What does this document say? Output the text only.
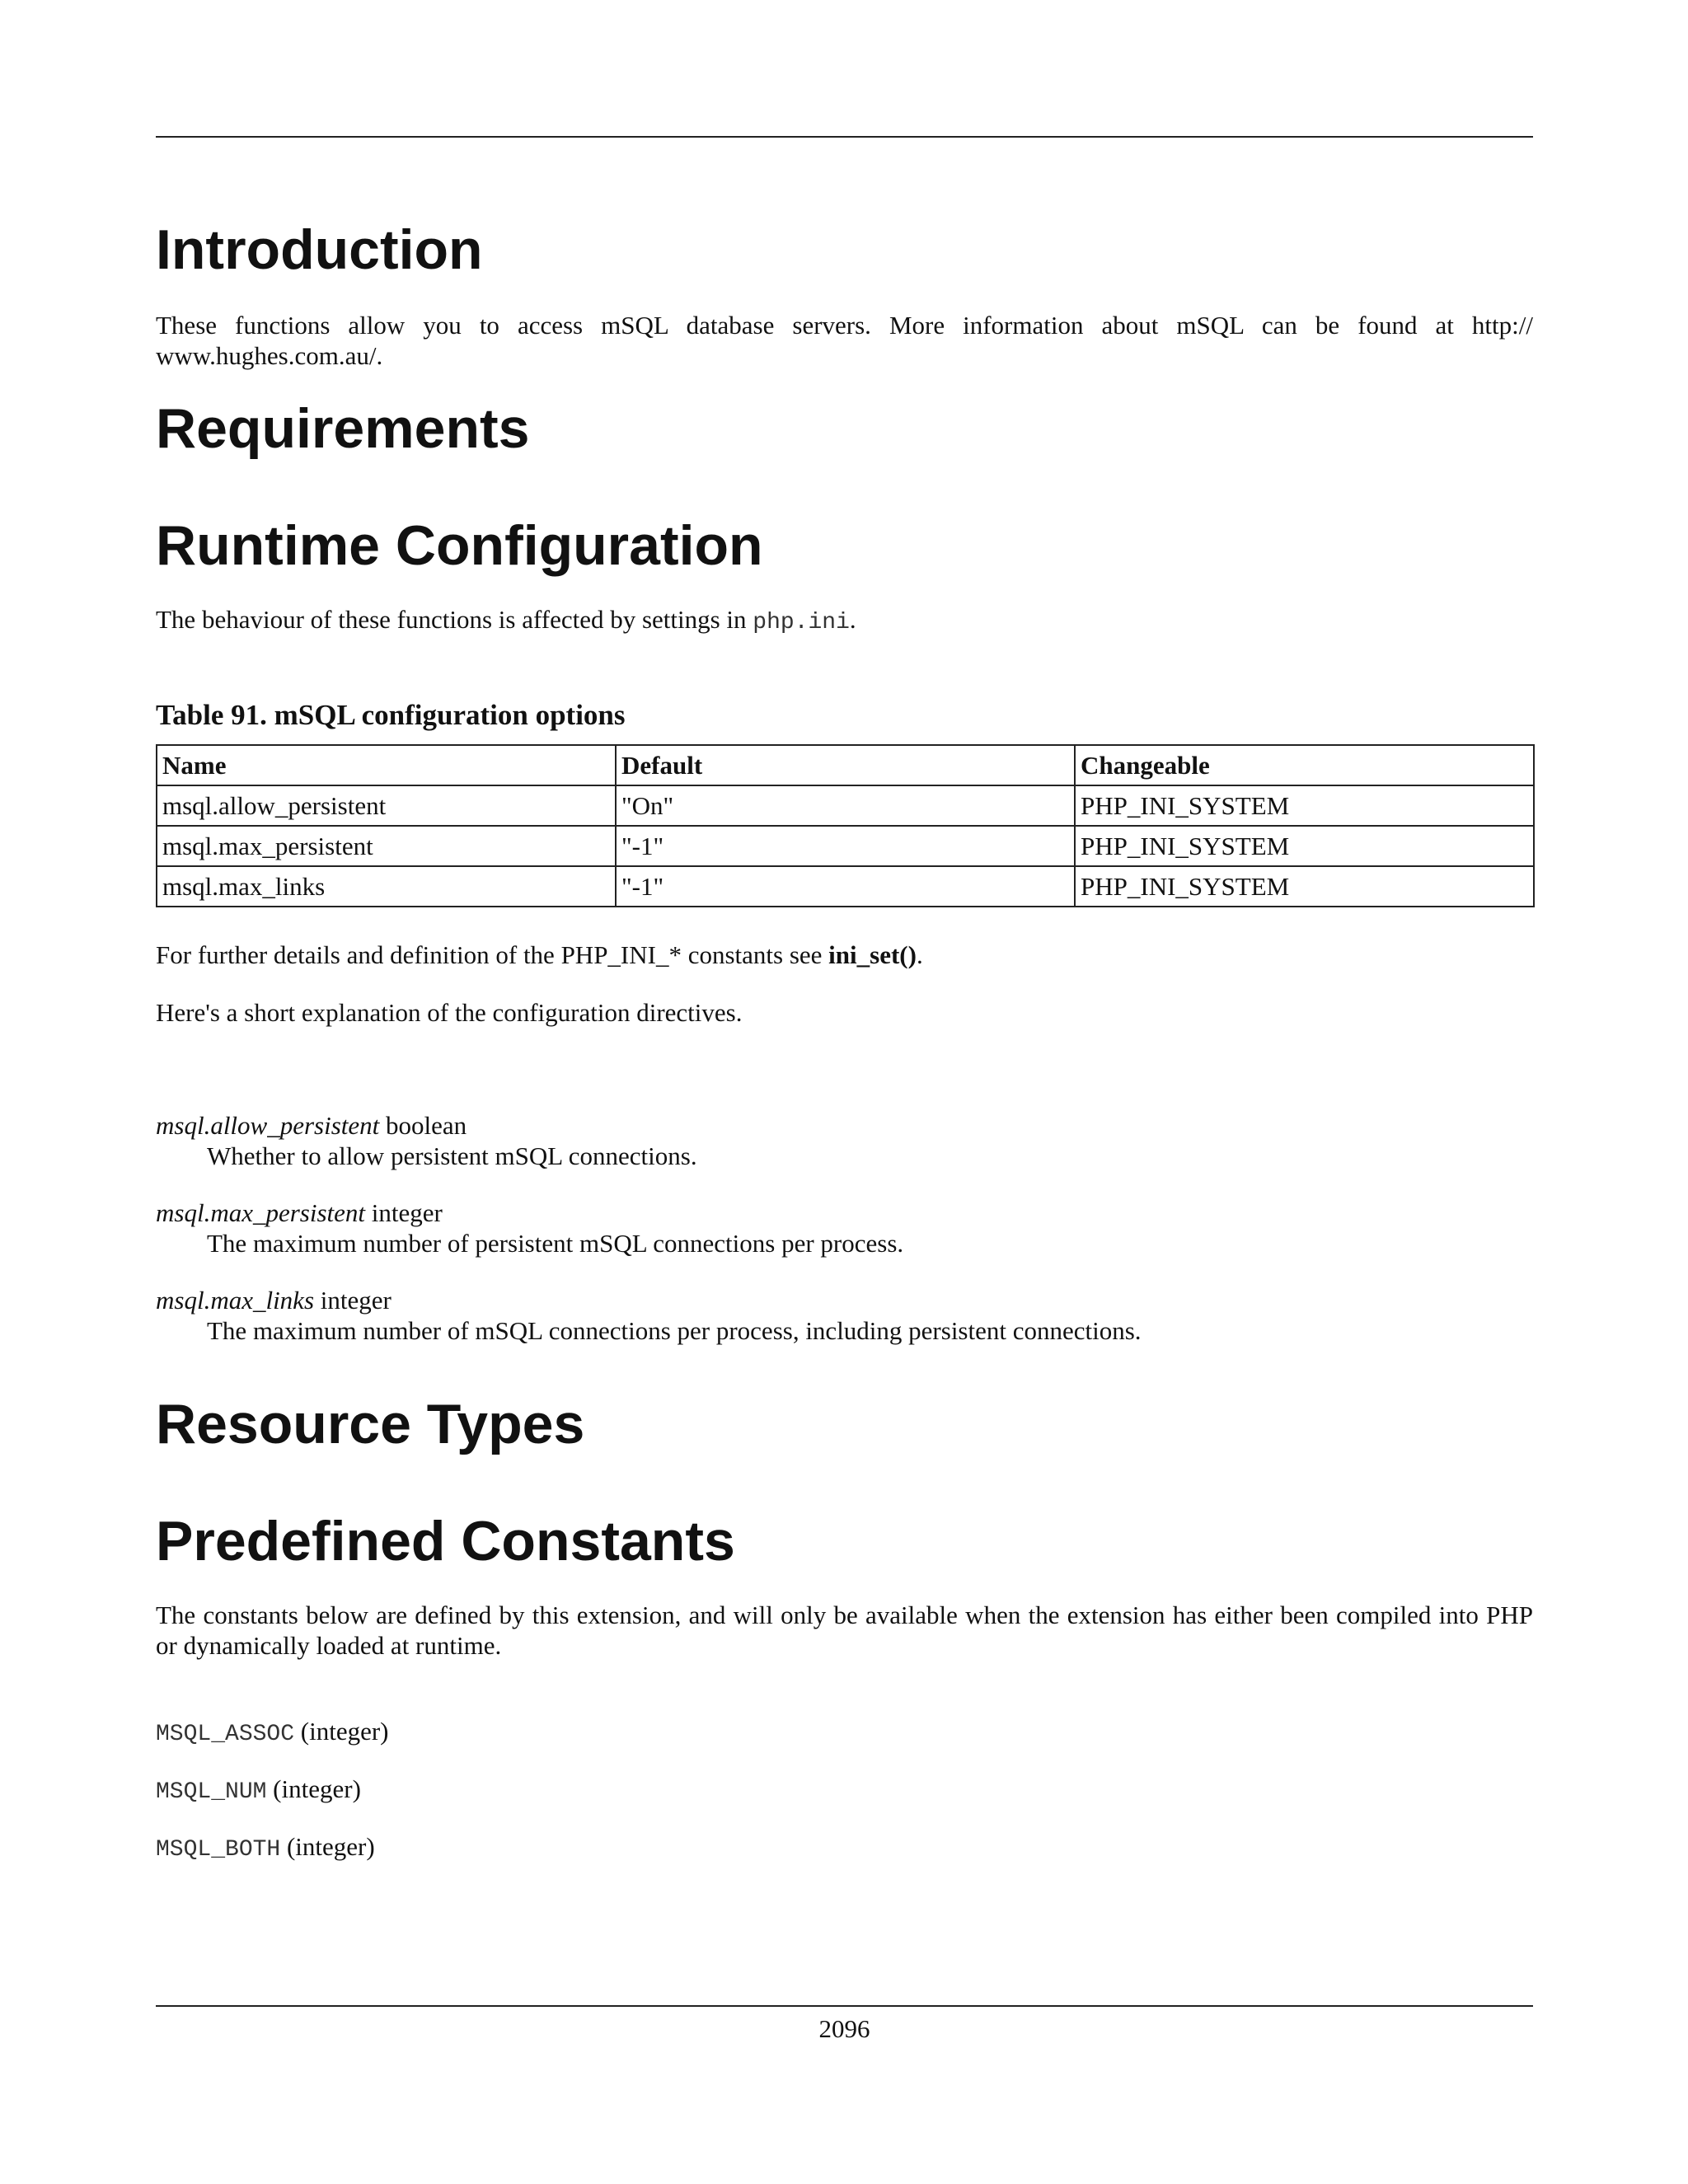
Introduction

These functions allow you to access mSQL database servers. More information about mSQL can be found at http:// www.hughes.com.au/.

Requirements
Runtime Configuration

The behaviour of these functions is affected by settings in php.ini.

Table 91. mSQL configuration options
Name	Default	Changeable
msql.allow_persistent	"On"	PHP_INI_SYSTEM
msql.max_persistent	"-1"	PHP_INI_SYSTEM
msql.max_links	"-1"	PHP_INI_SYSTEM

For further details and definition of the PHP_INI_* constants see ini_set().

Here's a short explanation of the configuration directives.

msql.allow_persistent boolean
Whether to allow persistent mSQL connections.
msql.max_persistent integer
The maximum number of persistent mSQL connections per process.
msql.max_links integer
The maximum number of mSQL connections per process, including persistent connections.
Resource Types
Predefined Constants

The constants below are defined by this extension, and will only be available when the extension has either been compiled into PHP or dynamically loaded at runtime.

MSQL_ASSOC (integer)
MSQL_NUM (integer)
MSQL_BOTH (integer)
2096
